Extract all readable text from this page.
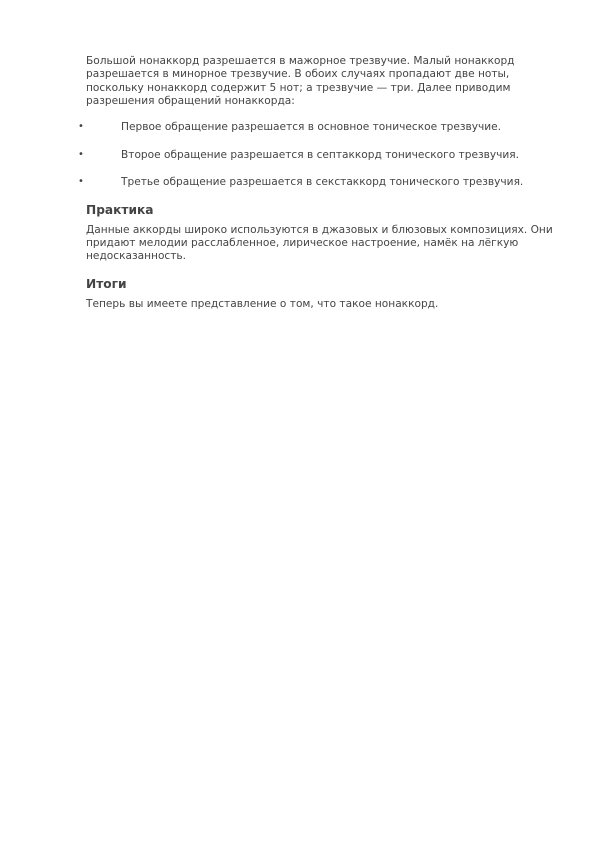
Большой нонаккорд разрешается в мажорное трезвучие. Малый нонаккорд разрешается в минорное трезвучие. В обоих случаях пропадают две ноты, поскольку нонаккорд содержит 5 нот; а трезвучие — три. Далее приводим разрешения обращений нонаккорда:

•	Первое обращение разрешается в основное тоническое трезвучие.
•	Второе обращение разрешается в септаккорд тонического трезвучия.
•	Третье обращение разрешается в секстаккорд тонического трезвучия.
Практика

Данные аккорды широко используются в джазовых и блюзовых композициях. Они придают мелодии расслабленное, лирическое настроение, намёк на лёгкую недосказанность.

Итоги

Теперь вы имеете представление о том, что такое нонаккорд.
